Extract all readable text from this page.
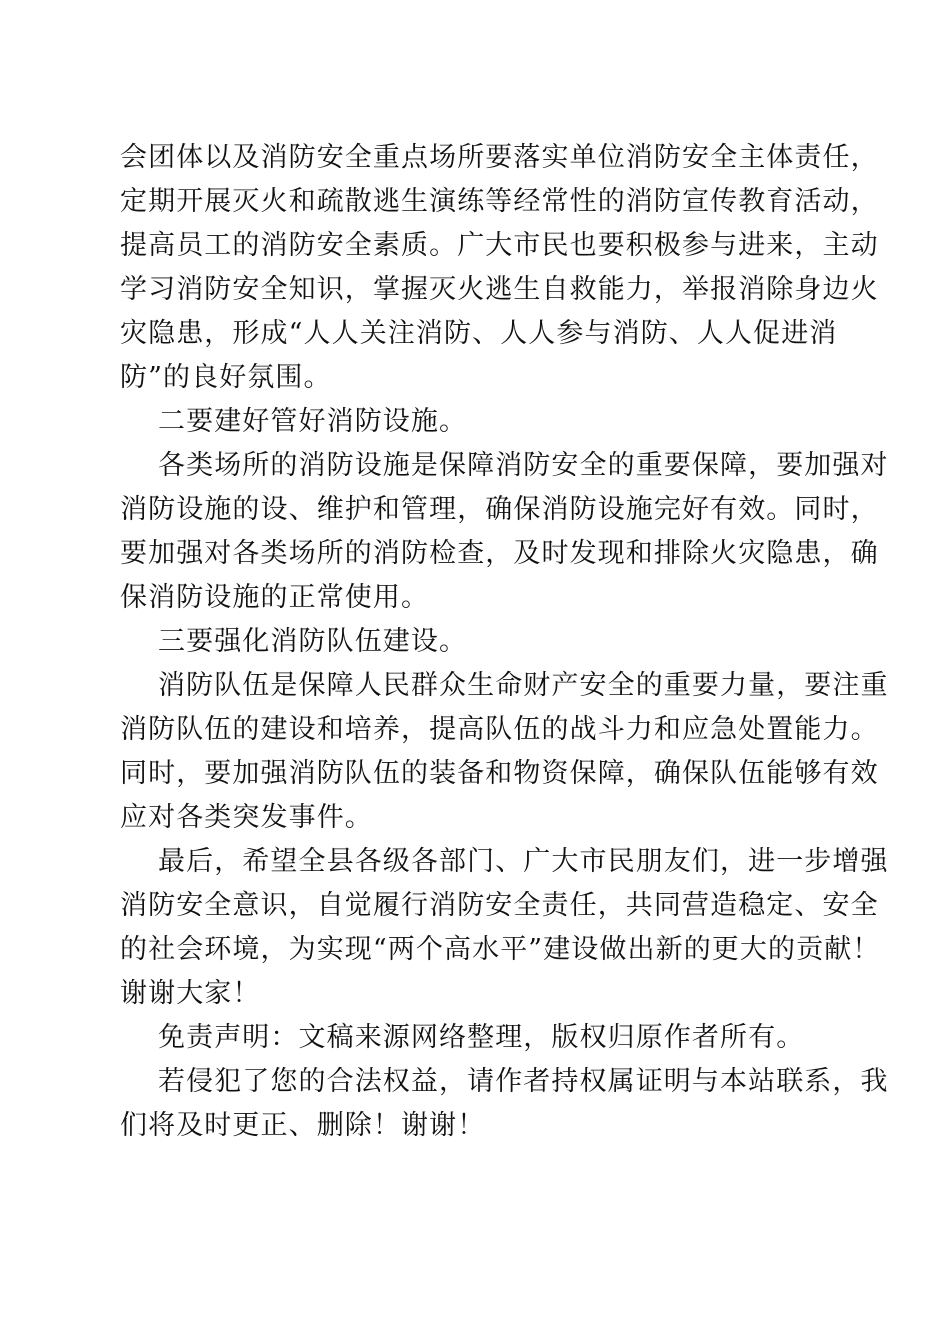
会团体以及消防安全重点场所要落实单位消防安全主体责任，
定期开展灭火和疏散逃生演练等经常性的消防宣传教育活动，
提高员工的消防安全素质。广大市民也要积极参与进来，主动
学习消防安全知识，掌握灭火逃生自救能力，举报消除身边火
灾隐患，形成“人人关注消防、人人参与消防、人人促进消
防”的良好氛围。
二要建好管好消防设施。
各类场所的消防设施是保障消防安全的重要保障，要加强对
消防设施的设、维护和管理，确保消防设施完好有效。同时，
要加强对各类场所的消防检查，及时发现和排除火灾隐患，确
保消防设施的正常使用。
三要强化消防队伍建设。
消防队伍是保障人民群众生命财产安全的重要力量，要注重
消防队伍的建设和培养，提高队伍的战斗力和应急处置能力。
同时，要加强消防队伍的装备和物资保障，确保队伍能够有效
应对各类突发事件。
最后，希望全县各级各部门、广大市民朋友们，进一步增强
消防安全意识，自觉履行消防安全责任，共同营造稳定、安全
的社会环境，为实现“两个高水平”建设做出新的更大的贡献！
谢谢大家！
免责声明：文稿来源网络整理，版权归原作者所有。
若侵犯了您的合法权益，请作者持权属证明与本站联系，我
们将及时更正、删除！谢谢！
